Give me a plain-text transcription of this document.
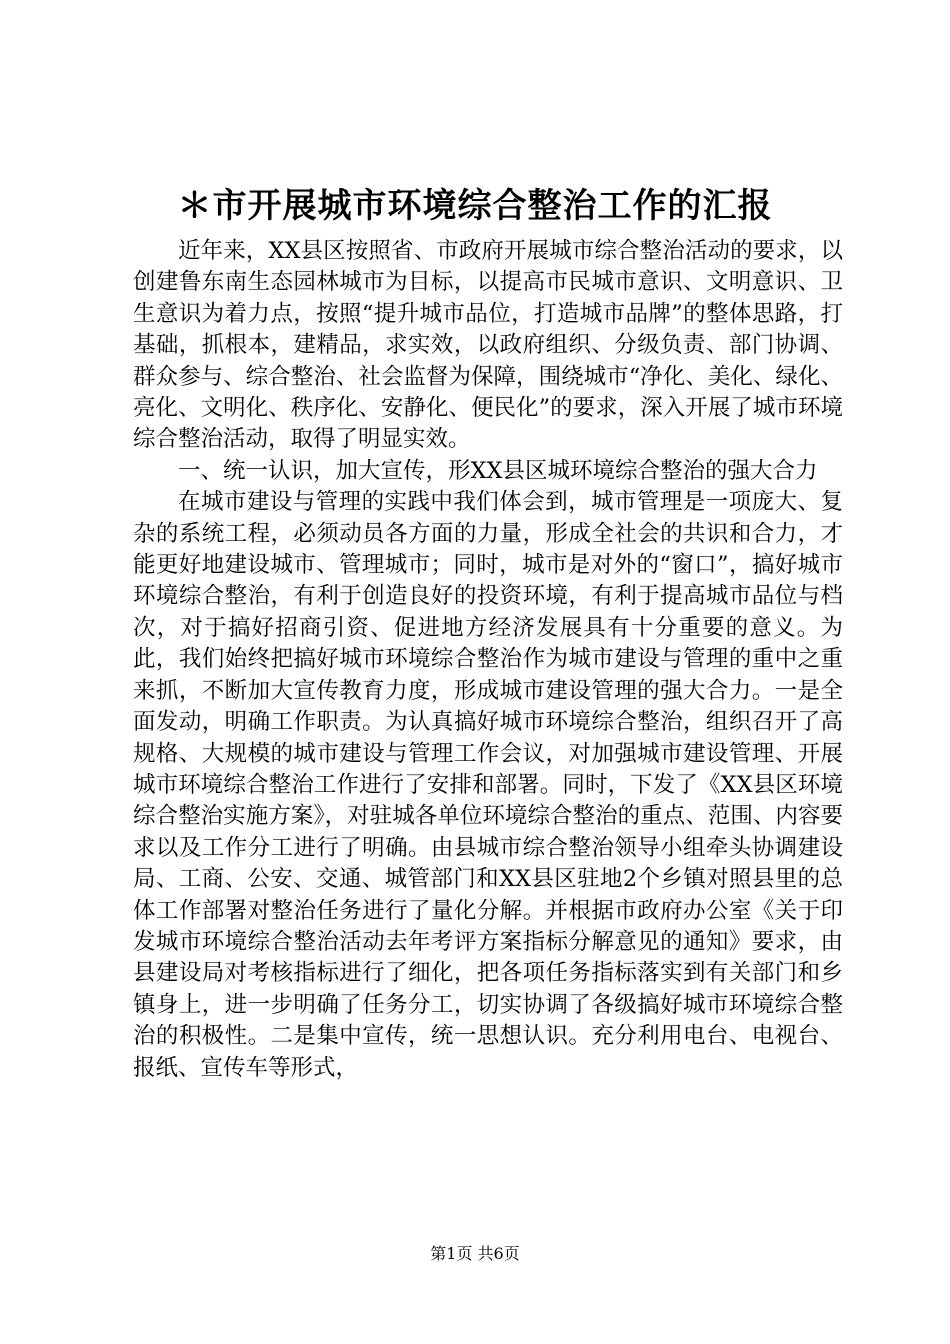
＊市开展城市环境综合整治工作的汇报

近年来，XX县区按照省、市政府开展城市综合整治活动的要求，以创建鲁东南生态园林城市为目标，以提高市民城市意识、文明意识、卫生意识为着力点，按照“提升城市品位，打造城市品牌”的整体思路，打基础，抓根本，建精品，求实效，以政府组织、分级负责、部门协调、群众参与、综合整治、社会监督为保障，围绕城市“净化、美化、绿化、亮化、文明化、秩序化、安静化、便民化”的要求，深入开展了城市环境综合整治活动，取得了明显实效。

一、统一认识，加大宣传，形XX县区城环境综合整治的强大合力

在城市建设与管理的实践中我们体会到，城市管理是一项庞大、复杂的系统工程，必须动员各方面的力量，形成全社会的共识和合力，才能更好地建设城市、管理城市；同时，城市是对外的“窗口”，搞好城市环境综合整治，有利于创造良好的投资环境，有利于提高城市品位与档次，对于搞好招商引资、促进地方经济发展具有十分重要的意义。为此，我们始终把搞好城市环境综合整治作为城市建设与管理的重中之重来抓，不断加大宣传教育力度，形成城市建设管理的强大合力。一是全面发动，明确工作职责。为认真搞好城市环境综合整治，组织召开了高规格、大规模的城市建设与管理工作会议，对加强城市建设管理、开展城市环境综合整治工作进行了安排和部署。同时，下发了《XX县区环境综合整治实施方案》，对驻城各单位环境综合整治的重点、范围、内容要求以及工作分工进行了明确。由县城市综合整治领导小组牵头协调建设局、工商、公安、交通、城管部门和XX县区驻地2个乡镇对照县里的总体工作部署对整治任务进行了量化分解。并根据市政府办公室《关于印发城市环境综合整治活动去年考评方案指标分解意见的通知》要求，由县建设局对考核指标进行了细化，把各项任务指标落实到有关部门和乡镇身上，进一步明确了任务分工，切实协调了各级搞好城市环境综合整治的积极性。二是集中宣传，统一思想认识。充分利用电台、电视台、报纸、宣传车等形式，

第1页 共6页
